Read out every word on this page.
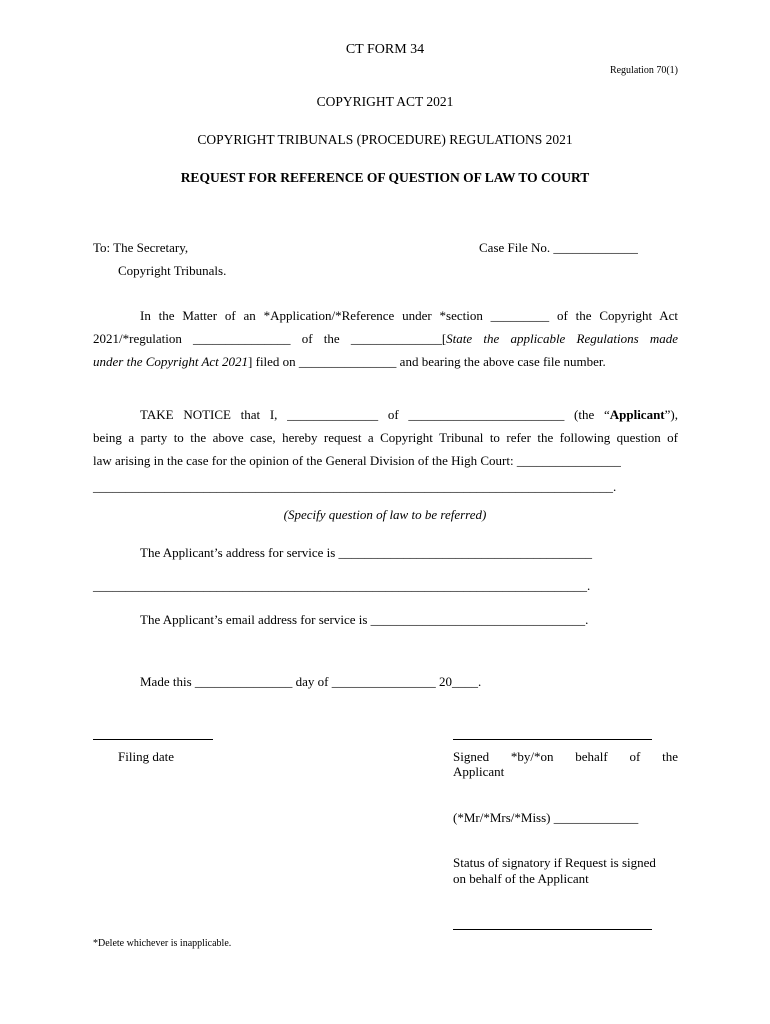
CT FORM 34
Regulation 70(1)
COPYRIGHT ACT 2021
COPYRIGHT TRIBUNALS (PROCEDURE) REGULATIONS 2021
REQUEST FOR REFERENCE OF QUESTION OF LAW TO COURT
To: The Secretary,
Copyright Tribunals.
Case File No. _____________
In the Matter of an *Application/*Reference under *section _________ of the Copyright Act
2021/*regulation _______________ of the ______________[State the applicable Regulations made
under the Copyright Act 2021] filed on _______________ and bearing the above case file number.
TAKE NOTICE that I, ______________ of ________________________ (the “Applicant”),
being a party to the above case, hereby request a Copyright Tribunal to refer the following question of
law arising in the case for the opinion of the General Division of the High Court: ________________
________________________________________________________________________________.
(Specify question of law to be referred)
The Applicant’s address for service is _______________________________________
____________________________________________________________________________.
The Applicant’s email address for service is _________________________________.
Made this _______________ day of ________________ 20____.
Filing date	Signed *by/*on behalf of the
Applicant
(*Mr/*Mrs/*Miss) _____________
Status of signatory if Request is signed
on behalf of the Applicant
*Delete whichever is inapplicable.
